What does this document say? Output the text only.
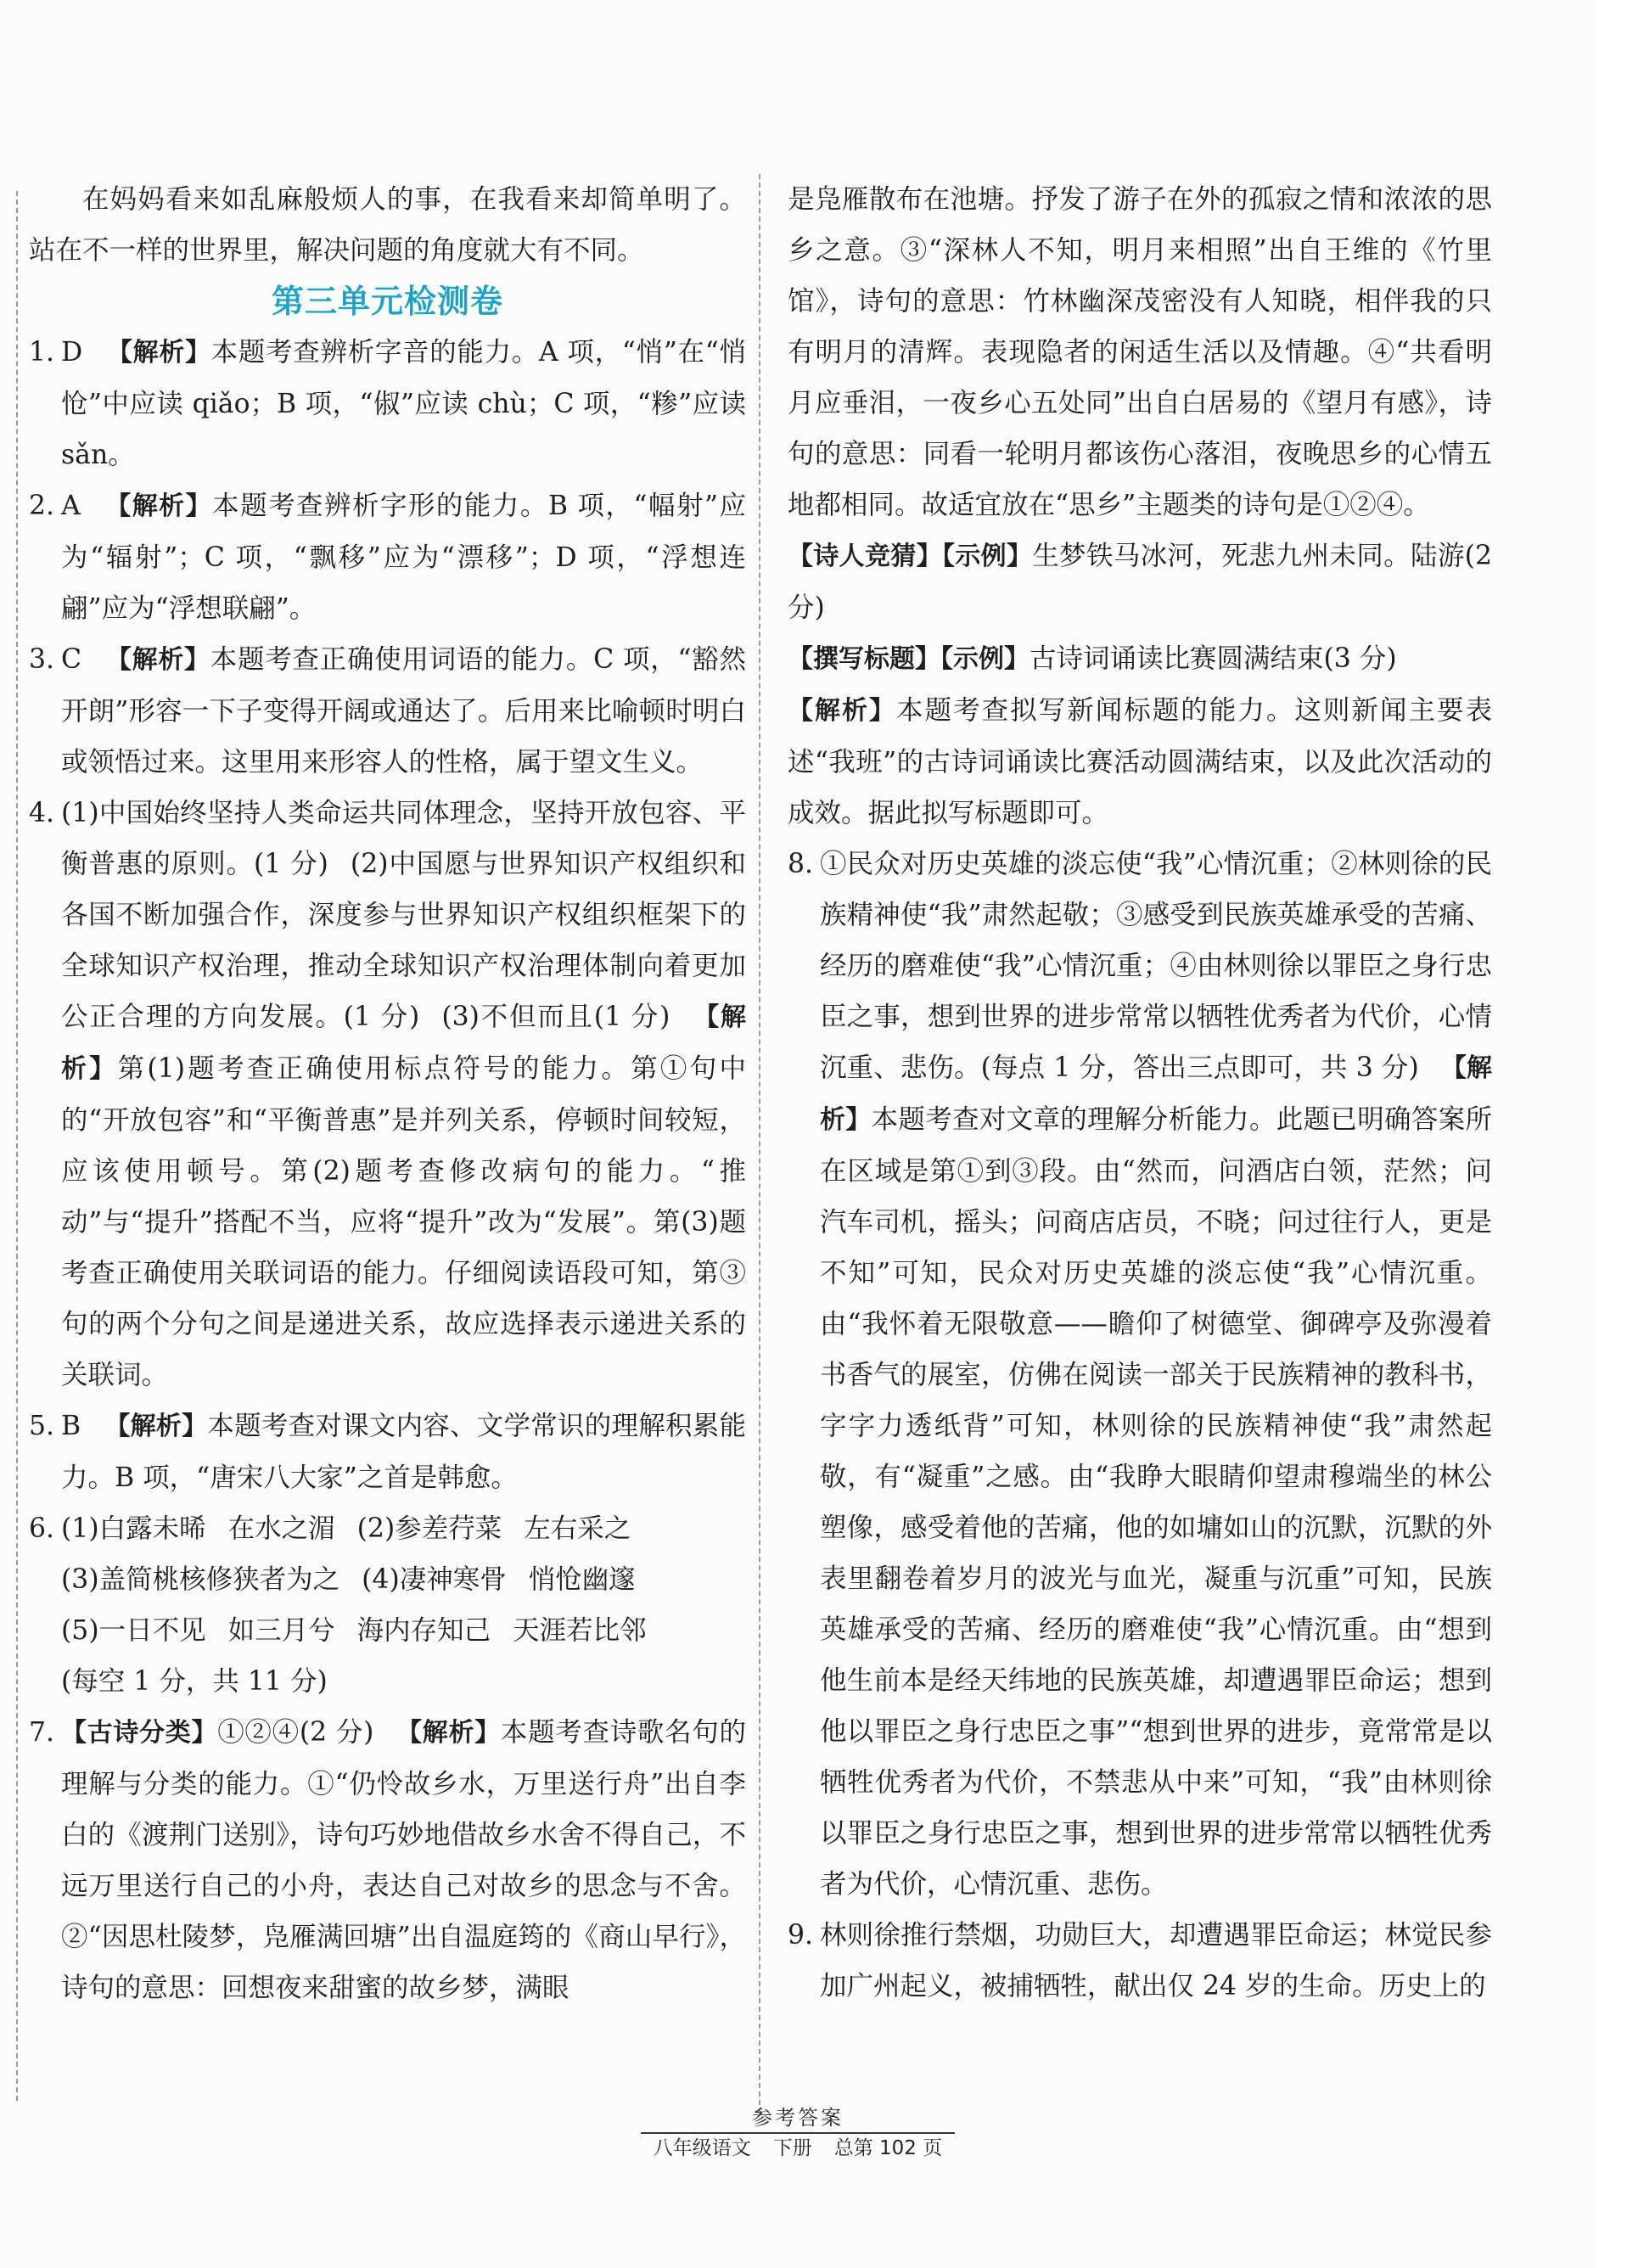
在妈妈看来如乱麻般烦人的事，在我看来却简单明了。站在不一样的世界里，解决问题的角度就大有不同。

第三单元检测卷

1. D 【解析】本题考查辨析字音的能力。A 项，“悄”在“悄怆”中应读 qiǎo；B 项，“俶”应读 chù；C 项，“糁”应读 sǎn。

2. A 【解析】本题考查辨析字形的能力。B 项，“幅射”应为“辐射”；C 项，“飘移”应为“漂移”；D 项，“浮想连翩”应为“浮想联翩”。

3. C 【解析】本题考查正确使用词语的能力。C 项，“豁然开朗”形容一下子变得开阔或通达了。后用来比喻顿时明白或领悟过来。这里用来形容人的性格，属于望文生义。

4. (1)中国始终坚持人类命运共同体理念，坚持开放包容、平衡普惠的原则。(1 分) (2)中国愿与世界知识产权组织和各国不断加强合作，深度参与世界知识产权组织框架下的全球知识产权治理，推动全球知识产权治理体制向着更加公正合理的方向发展。(1 分) (3)不但而且(1 分) 【解析】第(1)题考查正确使用标点符号的能力。第①句中的“开放包容”和“平衡普惠”是并列关系，停顿时间较短，应该使用顿号。第(2)题考查修改病句的能力。“推动”与“提升”搭配不当，应将“提升”改为“发展”。第(3)题考查正确使用关联词语的能力。仔细阅读语段可知，第③句的两个分句之间是递进关系，故应选择表示递进关系的关联词。

5. B 【解析】本题考查对课文内容、文学常识的理解积累能力。B 项，“唐宋八大家”之首是韩愈。

6. (1)白露未晞 在水之湄 (2)参差荇菜 左右采之
(3)盖简桃核修狭者为之 (4)凄神寒骨 悄怆幽邃
(5)一日不见 如三月兮 海内存知己 天涯若比邻
(每空 1 分，共 11 分)
7. 【古诗分类】①②④(2 分) 【解析】本题考查诗歌名句的理解与分类的能力。①“仍怜故乡水，万里送行舟”出自李白的《渡荆门送别》，诗句巧妙地借故乡水舍不得自己，不远万里送行自己的小舟，表达自己对故乡的思念与不舍。②“因思杜陵梦，凫雁满回塘”出自温庭筠的《商山早行》，诗句的意思：回想夜来甜蜜的故乡梦，满眼

是凫雁散布在池塘。抒发了游子在外的孤寂之情和浓浓的思乡之意。③“深林人不知，明月来相照”出自王维的《竹里馆》，诗句的意思：竹林幽深茂密没有人知晓，相伴我的只有明月的清辉。表现隐者的闲适生活以及情趣。④“共看明月应垂泪，一夜乡心五处同”出自白居易的《望月有感》，诗句的意思：同看一轮明月都该伤心落泪，夜晚思乡的心情五地都相同。故适宜放在“思乡”主题类的诗句是①②④。

【诗人竞猜】【示例】生梦铁马冰河，死悲九州未同。陆游(2 分)

【撰写标题】【示例】古诗词诵读比赛圆满结束(3 分)

【解析】本题考查拟写新闻标题的能力。这则新闻主要表述“我班”的古诗词诵读比赛活动圆满结束，以及此次活动的成效。据此拟写标题即可。

8. ①民众对历史英雄的淡忘使“我”心情沉重；②林则徐的民族精神使“我”肃然起敬；③感受到民族英雄承受的苦痛、经历的磨难使“我”心情沉重；④由林则徐以罪臣之身行忠臣之事，想到世界的进步常常以牺牲优秀者为代价，心情沉重、悲伤。(每点 1 分，答出三点即可，共 3 分) 【解析】本题考查对文章的理解分析能力。此题已明确答案所在区域是第①到③段。由“然而，问酒店白领，茫然；问汽车司机，摇头；问商店店员，不晓；问过往行人，更是不知”可知，民众对历史英雄的淡忘使“我”心情沉重。由“我怀着无限敬意——瞻仰了树德堂、御碑亭及弥漫着书香气的展室，仿佛在阅读一部关于民族精神的教科书，字字力透纸背”可知，林则徐的民族精神使“我”肃然起敬，有“凝重”之感。由“我睁大眼睛仰望肃穆端坐的林公塑像，感受着他的苦痛，他的如墉如山的沉默，沉默的外表里翻卷着岁月的波光与血光，凝重与沉重”可知，民族英雄承受的苦痛、经历的磨难使“我”心情沉重。由“想到他生前本是经天纬地的民族英雄，却遭遇罪臣命运；想到他以罪臣之身行忠臣之事”“想到世界的进步，竟常常是以牺牲优秀者为代价，不禁悲从中来”可知，“我”由林则徐以罪臣之身行忠臣之事，想到世界的进步常常以牺牲优秀者为代价，心情沉重、悲伤。

9. 林则徐推行禁烟，功勋巨大，却遭遇罪臣命运；林觉民参加广州起义，被捕牺牲，献出仅 24 岁的生命。历史上的

参考答案
八年级语文 下册 总第 102 页
